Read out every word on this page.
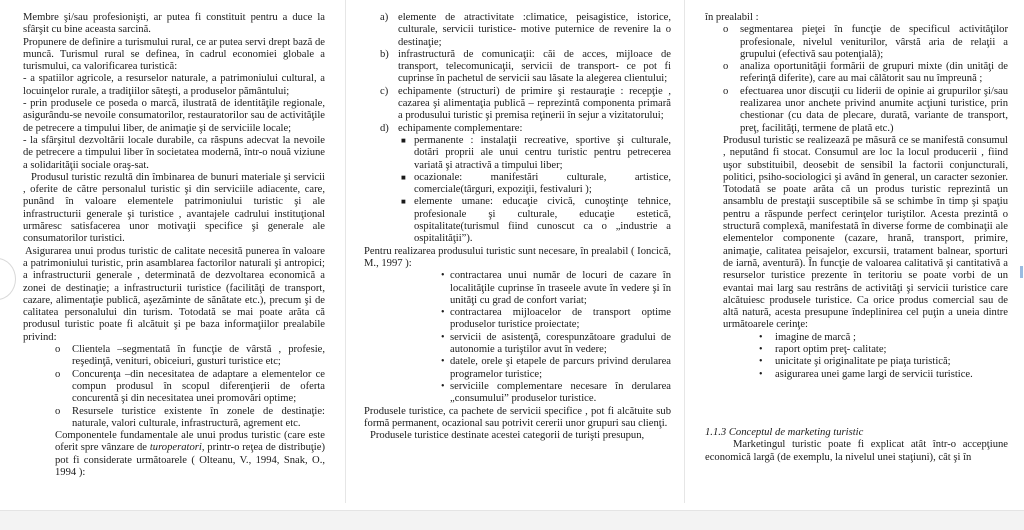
Membre şi/sau profesionişti, ar putea fi constituit pentru a duce la sfârşit cu bine aceasta sarcină.

Propunere de definire a turismului rural, ce ar putea servi drept bază de muncă. Turismul rural se definea, în cadrul economiei globale a turismului, ca valorificarea turistică:

- a spatiilor agricole, a resurselor naturale, a patrimoniului cultural, a locuinţelor rurale, a tradiţiilor săteşti, a produselor pământului;

- prin produsele ce poseda o marcă, ilustrată de identităţile regionale, asigurându-se nevoile consumatorilor, restauratorilor sau de activităţile de petrecere a timpului liber, de animaţie şi de serviciile locale;

- la sfârşitul dezvoltării locale durabile, ca răspuns adecvat la nevoile de petrecere a timpului liber în societatea modernă, într-o nouă viziune a solidarităţii sociale oraş-sat.

Produsul turistic rezultă din îmbinarea de bunuri materiale şi servicii , oferite de către personalul turistic şi din serviciile adiacente, care, punând în valoare elementele patrimoniului turistic şi ale infrastructurii generale şi turistice , avantajele cadrului instituţional urmăresc satisfacerea unor motivaţii specifice şi generale ale consumatorilor turistici.

Asigurarea unui produs turistic de calitate necesită punerea în valoare a patrimoniului turistic, prin asamblarea factorilor naturali şi antropici; a infrastructurii generale , determinată de dezvoltarea economică a zonei de destinaţie; a infrastructurii turistice (facilităţi de transport, cazare, alimentaţie publică, aşezăminte de sănătate etc.), precum şi de calitatea personalului din turism. Totodată se mai poate arăta că produsul turistic poate fi alcătuit şi pe baza informaţiilor prealabile privind:

o Clientela –segmentată în funcţie de vârstă , profesie, reşedinţă, venituri, obiceiuri, gusturi turistice etc;
o Concurenţa –din necesitatea de adaptare a elementelor ce compun produsul în scopul diferenţierii de oferta concurentă şi din necesitatea unei promovări optime;
o Resursele turistice existente în zonele de destinaţie: naturale, valori culturale, infrastructură, agrement etc.

Componentele fundamentale ale unui produs turistic (care este oferit spre vânzare de turoperatori, printr-o reţea de distribuţie) pot fi considerate următoarele ( Olteanu, V., 1994, Snak, O., 1994 ):

a) elemente de atractivitate :climatice, peisagistice, istorice, culturale, servicii turistice- motive puternice de revenire la o destinaţie;
b) infrastructură de comunicaţii: căi de acces, mijloace de transport, telecomunicaţii, servicii de transport- ce pot fi cuprinse în pachetul de servicii sau lăsate la alegerea clientului;
c) echipamente (structuri) de primire şi restauraţie : recepţie , cazarea şi alimentaţia publică – reprezintă componenta primară a produsului turistic şi premisa reţinerii în sejur a vizitatorului;
d) echipamente complementare:
■ permanente : instalaţii recreative, sportive şi culturale, dotări proprii ale unui centru turistic pentru petrecerea variată şi atractivă a timpului liber;
■ ocazionale: manifestări culturale, artistice, comerciale(târguri, expoziţii, festivaluri );
■ elemente umane: educaţie civică, cunoştinţe tehnice, profesionale şi culturale, educaţie estetică, ospitalitate(turismul fiind cunoscut ca o „industrie a ospitalităţii”).

Pentru realizarea produsului turistic sunt necesare, în prealabil ( Ioncică, M., 1997 ):

• contractarea unui număr de locuri de cazare în localităţile cuprinse în traseele avute în vedere şi în unităţi cu grad de confort variat;
• contractarea mijloacelor de transport optime produselor turistice proiectate;
• servicii de asistenţă, corespunzătoare gradului de autonomie a turiştilor avut în vedere;
• datele, orele şi etapele de parcurs privind derularea programelor turistice;
• serviciile complementare necesare în derularea „consumului” produselor turistice.

Produsele turistice, ca pachete de servicii specifice , pot fi alcătuite sub formă permanent, ocazional sau potrivit cererii unor grupuri sau clienţi.

Produsele turistice destinate acestei categorii de turişti presupun,

în prealabil :

o segmentarea pieţei în funcţie de specificul activităţilor profesionale, nivelul veniturilor, vârstă aria de relaţii a grupului (efectivă sau potenţială);
o analiza oportunităţii formării de grupuri mixte (din unităţi de referinţă diferite), care au mai călătorit sau nu împreună ;
o efectuarea unor discuţii cu liderii de opinie ai grupurilor şi/sau realizarea unor anchete privind anumite acţiuni turistice, prin chestionar (cu data de plecare, durată, variante de transport, preţ, facilităţi, termene de plată etc.)

Produsul turistic se realizează pe măsură ce se manifestă consumul , neputând fi stocat. Consumul are loc la locul producerii , fiind uşor substituibil, deosebit de sensibil la factorii conjuncturali, politici, psiho-sociologici şi având în general, un caracter sezonier. Totodată se poate arăta că un produs turistic reprezintă un ansamblu de prestaţii susceptibile să se schimbe în timp şi spaţiu pentru a răspunde perfect cerinţelor turiştilor. Acesta prezintă o structură complexă, manifestată în diverse forme de combinaţii ale elementelor componente (cazare, hrană, transport, primire, animaţie, calitatea peisajelor, excursii, tratament balnear, sporturi de iarnă, aventură). În funcţie de valoarea calitativă şi cantitativă a resurselor turistice prezente în teritoriu se poate vorbi de un evantai mai larg sau restrâns de activităţi şi servicii turistice care alcătuiesc produsele turistice. Ca orice produs comercial sau de altă natură, acesta presupune îndeplinirea cel puţin a uneia dintre următoarele cerinţe:

• imagine de marcă ;
• raport optim preţ- calitate;
• unicitate şi originalitate pe piaţa turistică;
• asigurarea unei game largi de servicii turistice.

1.1.3 Conceptul de marketing turistic

Marketingul turistic poate fi explicat atât într-o accepţiune economică largă (de exemplu, la nivelul unei staţiuni), cât şi în
